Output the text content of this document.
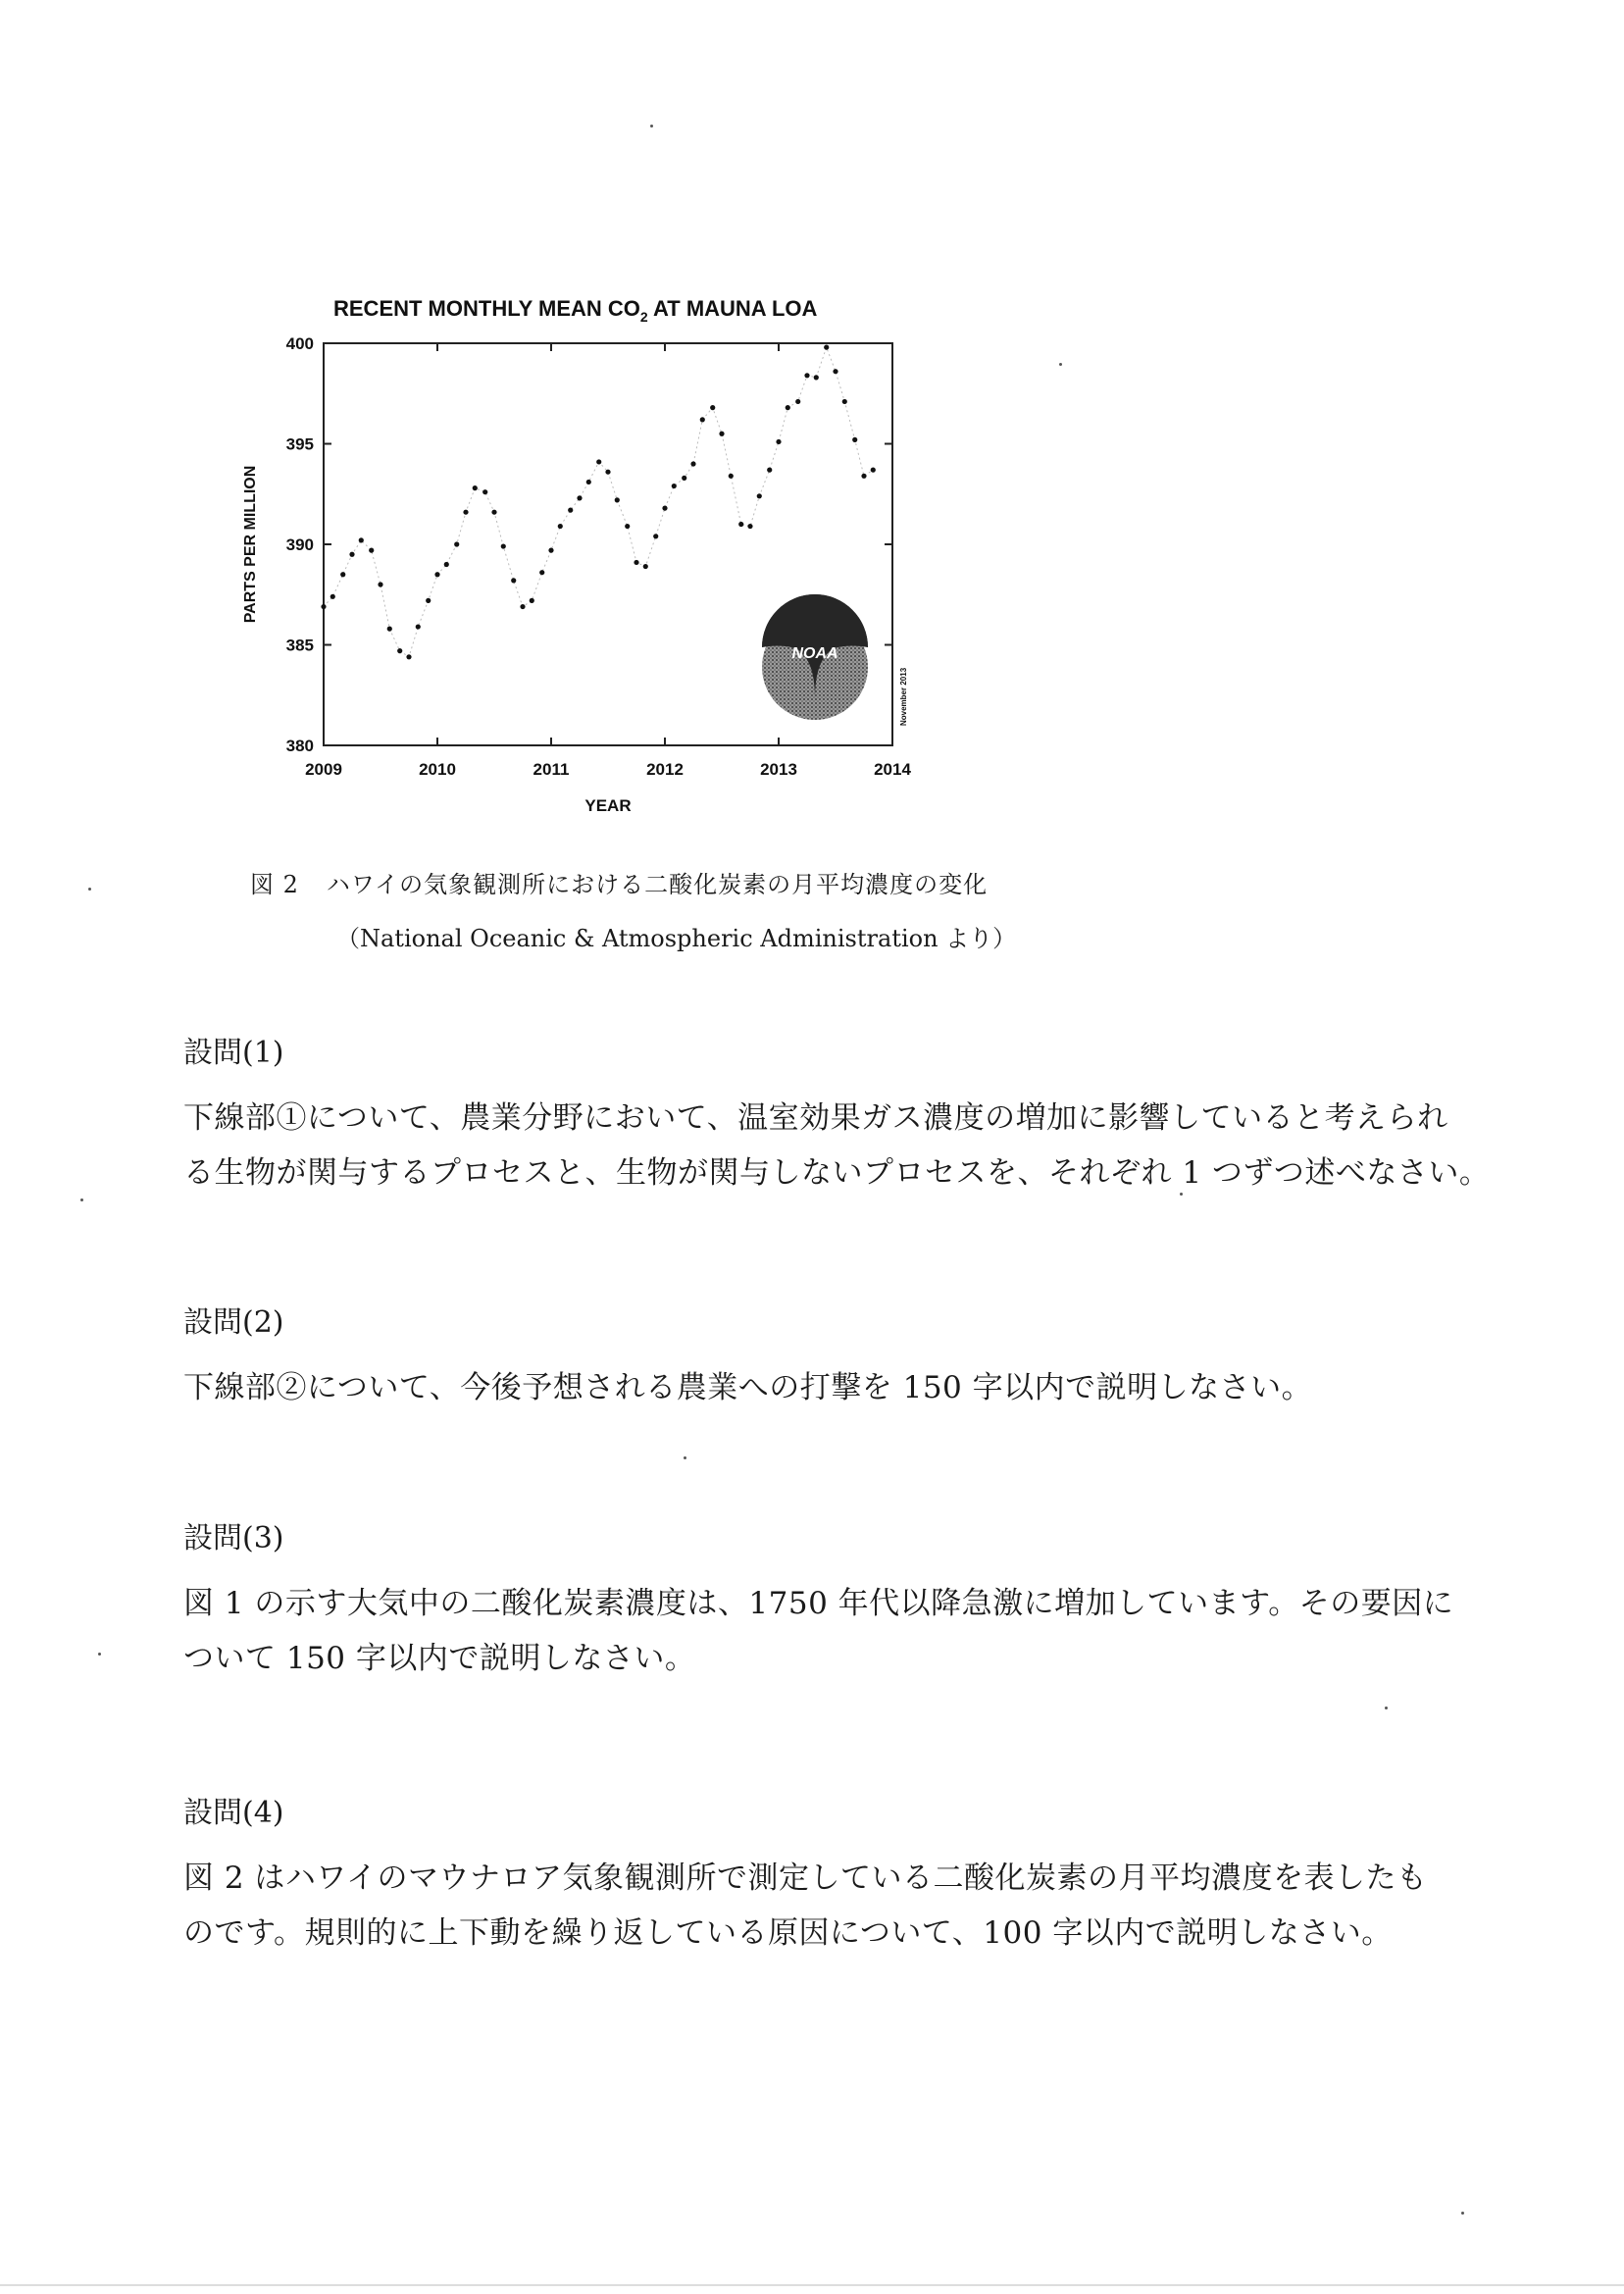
RECENT MONTHLY MEAN $CO_2$ AT MAUNA LOA
380
385
390
395
400
2009	2010	2011	2012	2013	2014
YEAR
PARTS PER MILLION
NOAA
November 2013
図 2 ハワイの気象観測所における二酸化炭素の月平均濃度の変化
（National Oceanic & Atmospheric Administration より）
設問(1)
下線部①について、農業分野において、温室効果ガス濃度の増加に影響していると考えられ
る生物が関与するプロセスと、生物が関与しないプロセスを、それぞれ 1 つずつ述べなさい。
設問(2)
下線部②について、今後予想される農業への打撃を 150 字以内で説明しなさい。
設問(3)
図 1 の示す大気中の二酸化炭素濃度は、1750 年代以降急激に増加しています。その要因に
ついて 150 字以内で説明しなさい。
設問(4)
図 2 はハワイのマウナロア気象観測所で測定している二酸化炭素の月平均濃度を表したも
のです。規則的に上下動を繰り返している原因について、100 字以内で説明しなさい。
